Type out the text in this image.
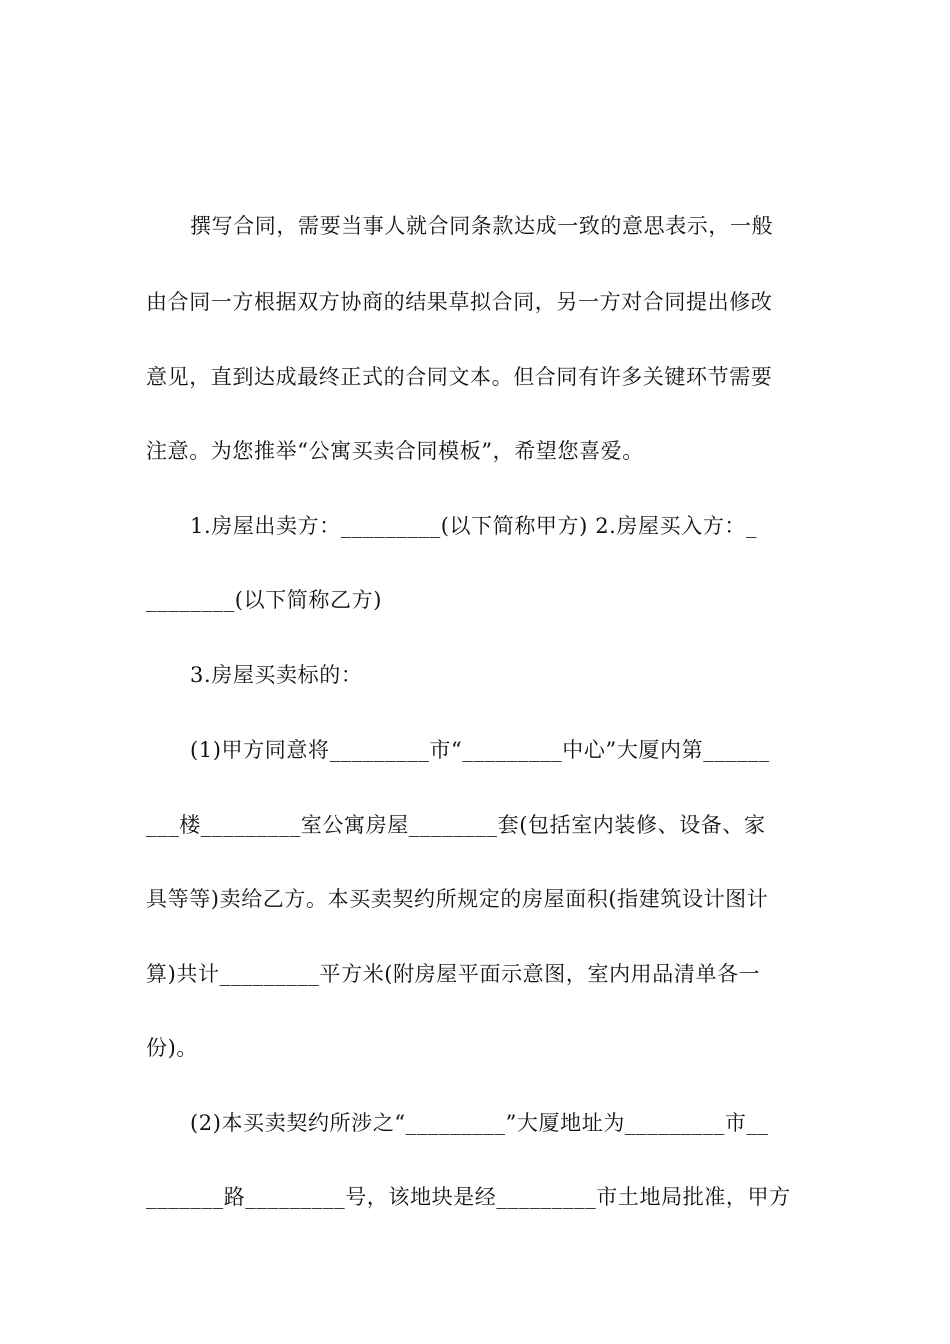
撰写合同，需要当事人就合同条款达成一致的意思表示，一般
由合同一方根据双方协商的结果草拟合同，另一方对合同提出修改
意见，直到达成最终正式的合同文本。但合同有许多关键环节需要
注意。为您推举“公寓买卖合同模板”，希望您喜爱。
1.房屋出卖方：_________(以下简称甲方) 2.房屋买入方：_
________(以下简称乙方)
3.房屋买卖标的：
(1)甲方同意将_________市“_________中心”大厦内第______
___楼_________室公寓房屋________套(包括室内装修、设备、家
具等等)卖给乙方。本买卖契约所规定的房屋面积(指建筑设计图计
算)共计_________平方米(附房屋平面示意图，室内用品清单各一
份)。
(2)本买卖契约所涉之“_________”大厦地址为_________市__
_______路_________号，该地块是经_________市土地局批准，甲方
